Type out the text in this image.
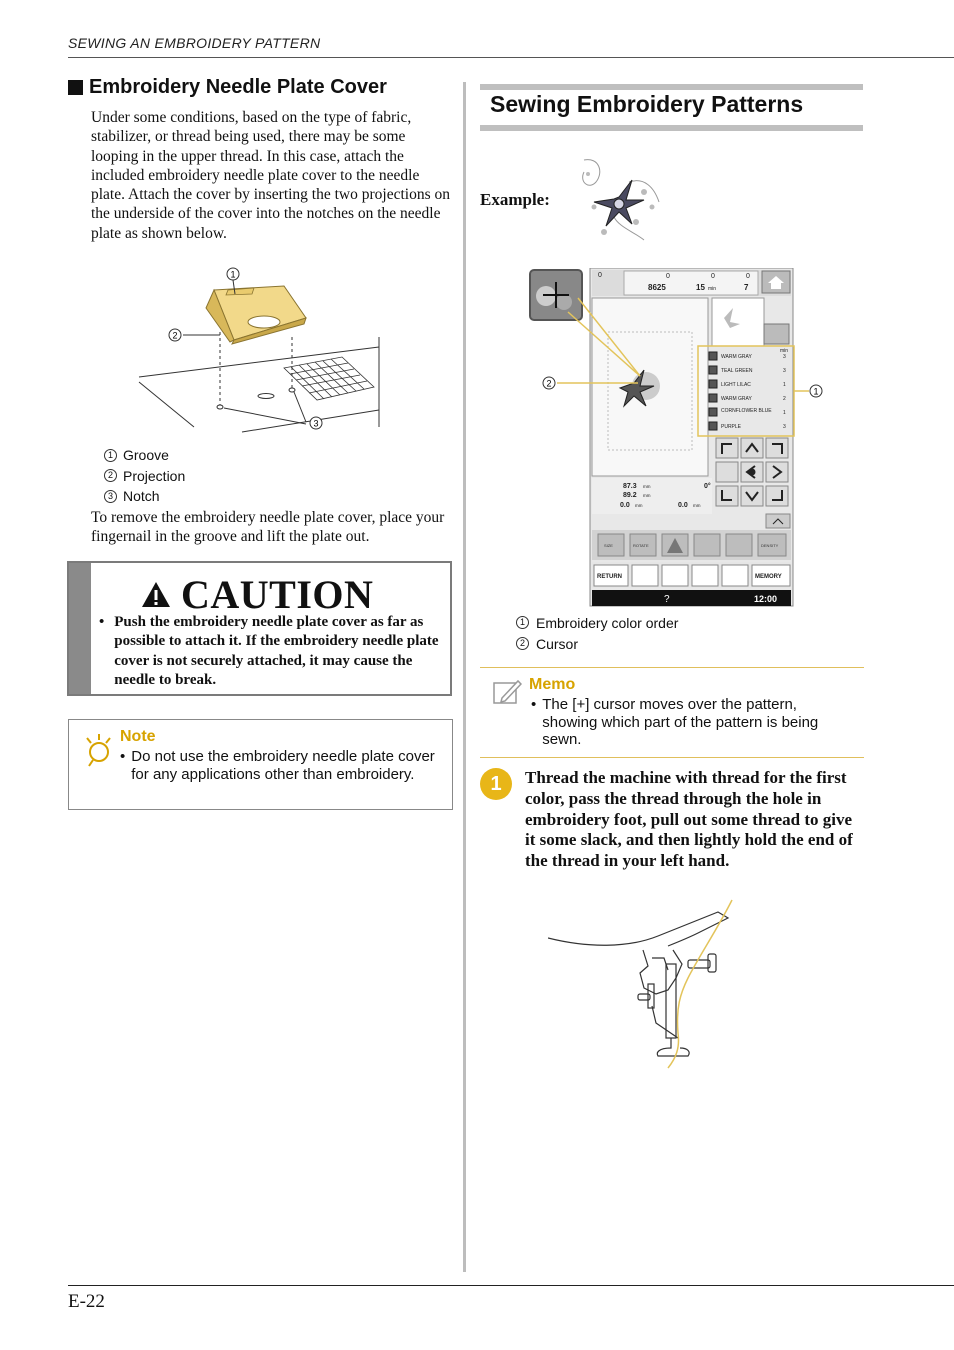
SEWING AN EMBROIDERY PATTERN
Embroidery Needle Plate Cover
Under some conditions, based on the type of fabric, stabilizer, or thread being used, there may be some looping in the upper thread. In this case, attach the included embroidery needle plate cover to the needle plate. Attach the cover by inserting the two projections on the underside of the cover into the notches on the needle plate as shown below.
1
2
3
1 Groove
2 Projection
3 Notch
To remove the embroidery needle plate cover, place your fingernail in the groove and lift the plate out.
CAUTION
• Push the embroidery needle plate cover as far as possible to attach it. If the embroidery needle plate cover is not securely attached, it may cause the needle to break.
Note
• Do not use the embroidery needle plate cover for any applications other than embroidery.
Sewing Embroidery Patterns
Example:
0	0	0	0
8625	15 min	7
min
WARM GRAY	3
TEAL GREEN	3
LIGHT LILAC	1
WARM GRAY	2
CORNFLOWER BLUE 1
PURPLE	3
87.3
89.2
0.0	0.0
0°
mm
mm
mm	mm
SIZE	ROTATE	DENSITY
RETURN	MEMORY
?	12:00
2
1
1 Embroidery color order
2 Cursor
Memo
• The [+] cursor moves over the pattern, showing which part of the pattern is being sewn.
1	Thread the machine with thread for the first color, pass the thread through the hole in embroidery foot, pull out some thread to give it some slack, and then lightly hold the end of the thread in your left hand.
E-22
